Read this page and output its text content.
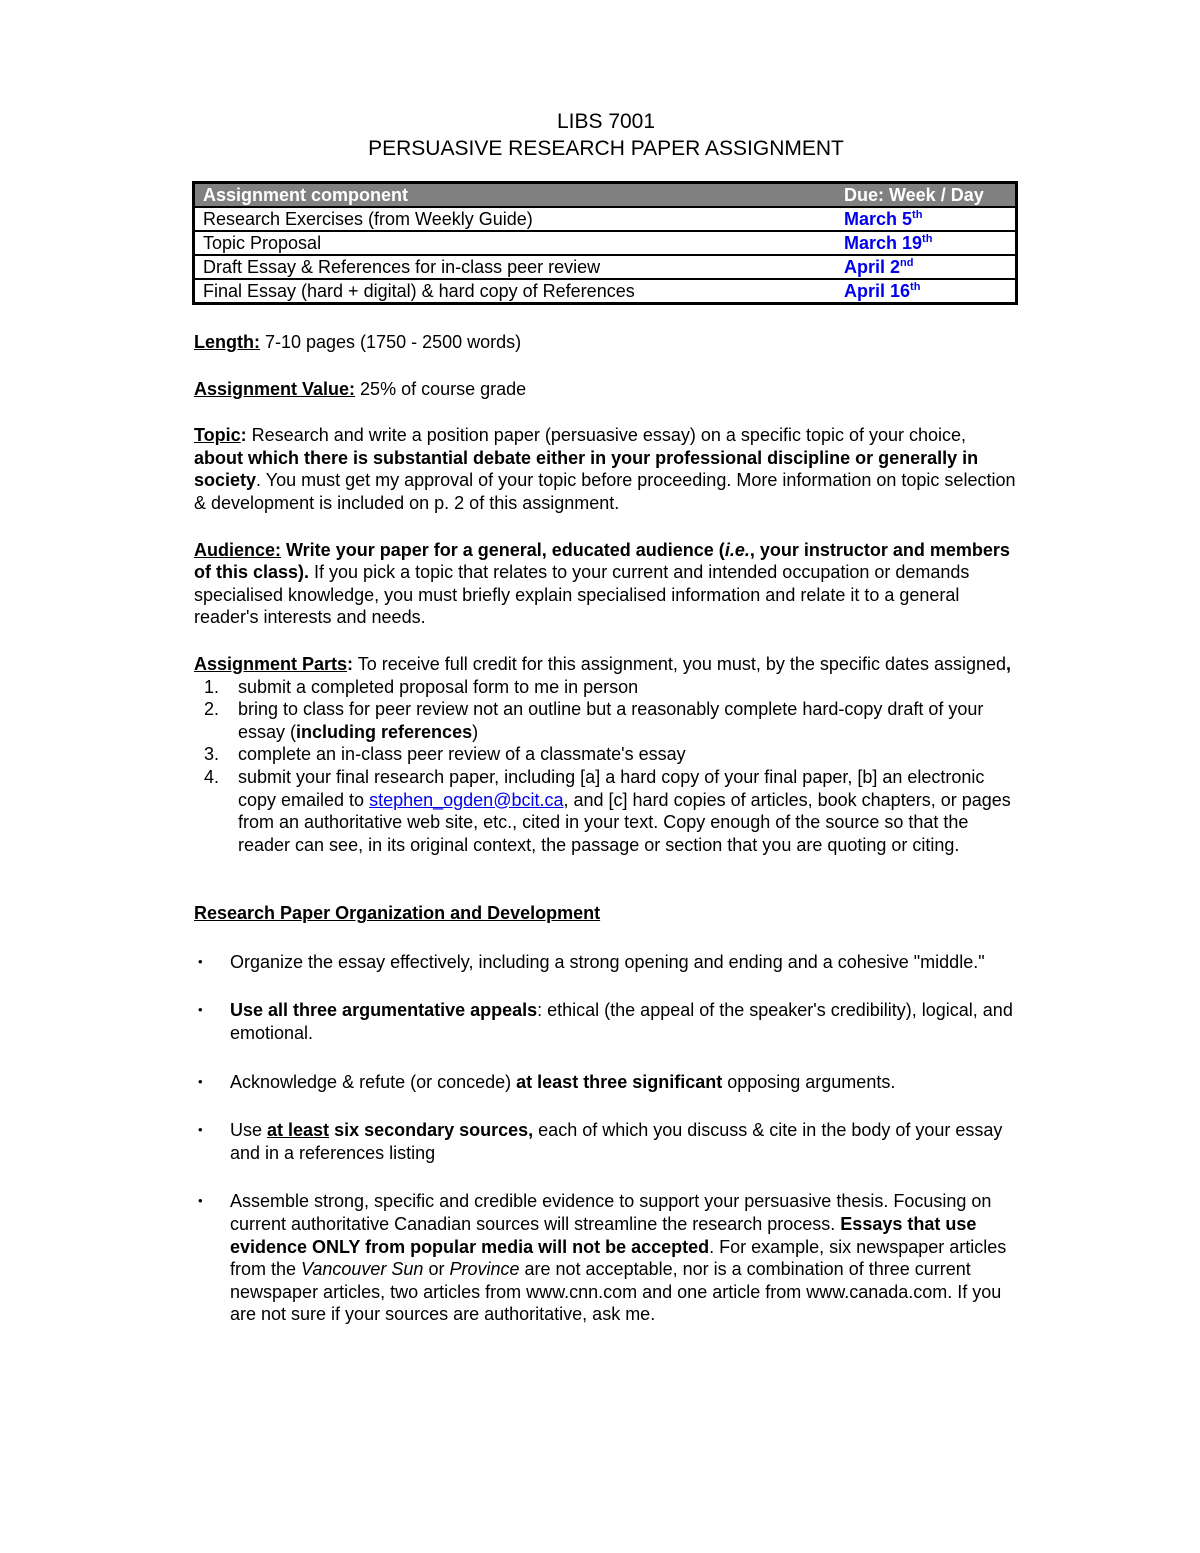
LIBS 7001
PERSUASIVE RESEARCH PAPER ASSIGNMENT
Assignment component	Due: Week / Day
Research Exercises (from Weekly Guide)	March 5th
Topic Proposal	March 19th
Draft Essay & References for in-class peer review	April 2nd
Final Essay (hard + digital) & hard copy of References	April 16th
Length: 7-10 pages (1750 - 2500 words)
Assignment Value: 25% of course grade
Topic: Research and write a position paper (persuasive essay) on a specific topic of your choice, about which there is substantial debate either in your professional discipline or generally in society. You must get my approval of your topic before proceeding. More information on topic selection & development is included on p. 2 of this assignment.
Audience: Write your paper for a general, educated audience (i.e., your instructor and members of this class). If you pick a topic that relates to your current and intended occupation or demands specialised knowledge, you must briefly explain specialised information and relate it to a general reader's interests and needs.
Assignment Parts: To receive full credit for this assignment, you must, by the specific dates assigned,
1. submit a completed proposal form to me in person
2. bring to class for peer review not an outline but a reasonably complete hard-copy draft of your essay (including references)
3. complete an in-class peer review of a classmate's essay
4. submit your final research paper, including [a] a hard copy of your final paper, [b] an electronic copy emailed to stephen_ogden@bcit.ca, and [c] hard copies of articles, book chapters, or pages from an authoritative web site, etc., cited in your text. Copy enough of the source so that the reader can see, in its original context, the passage or section that you are quoting or citing.
Research Paper Organization and Development
• Organize the essay effectively, including a strong opening and ending and a cohesive "middle."
• Use all three argumentative appeals: ethical (the appeal of the speaker's credibility), logical, and emotional.
• Acknowledge & refute (or concede) at least three significant opposing arguments.
• Use at least six secondary sources, each of which you discuss & cite in the body of your essay and in a references listing
• Assemble strong, specific and credible evidence to support your persuasive thesis. Focusing on current authoritative Canadian sources will streamline the research process. Essays that use evidence ONLY from popular media will not be accepted. For example, six newspaper articles from the Vancouver Sun or Province are not acceptable, nor is a combination of three current newspaper articles, two articles from www.cnn.com and one article from www.canada.com. If you are not sure if your sources are authoritative, ask me.
